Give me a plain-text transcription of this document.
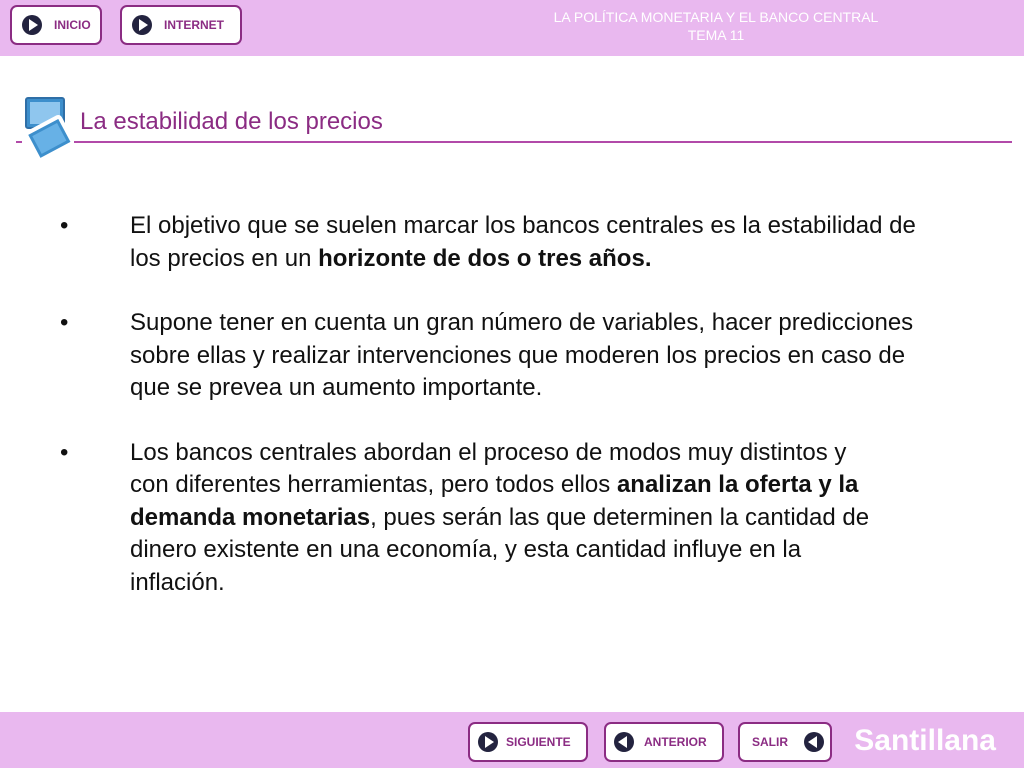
INICIO	INTERNET	LA POLÍTICA MONETARIA Y EL BANCO CENTRAL
TEMA 11
La estabilidad de los precios
•	El objetivo que se suelen marcar los bancos centrales es la estabilidad de los precios en un horizonte de dos o tres años.
•	Supone tener en cuenta un gran número de variables, hacer predicciones sobre ellas y realizar intervenciones que moderen los precios en caso de que se prevea un aumento importante.
•	Los bancos centrales abordan el proceso de modos muy distintos y con diferentes herramientas, pero todos ellos analizan la oferta y la demanda monetarias, pues serán las que determinen la cantidad de dinero existente en una economía, y esta cantidad influye en la inflación.
SIGUIENTE	ANTERIOR	SALIR Santillana
